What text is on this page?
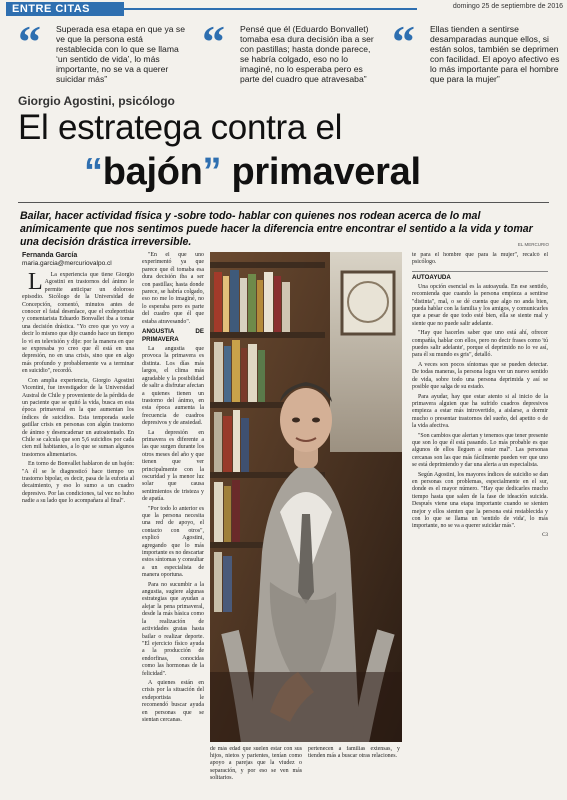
ENTRE CITAS	domingo 25 de septiembre de 2016
“ Superada esa etapa en que ya se ve que la persona está restablecida con lo que se llama ‘un sentido de vida’, lo más importante, no se va a querer suicidar más”
“ Pensé que él (Eduardo Bonvallet) tomaba esa dura decisión iba a ser con pastillas; hasta donde parece, se habría colgado, eso no lo imaginé, no lo esperaba pero es parte del cuadro que atravesaba”
“ Ellas tienden a sentirse desamparadas aunque ellos, si están solos, también se deprimen con facilidad. El apoyo afectivo es lo más importante para el hombre que para la mujer”
Giorgio Agostini, psicólogo
El estratega contra el
“bajón” primaveral
Bailar, hacer actividad física y -sobre todo- hablar con quienes nos rodean acerca de lo mal anímicamente que nos sentimos puede hacer la diferencia entre encontrar el sentido a la vida y tomar una decisión drástica irreversible.	EL MERCURIO
Fernanda García
maria.garcia@mercuriovalpo.cl

L	La experiencia que tiene Giorgio Agostini en trastornos del ánimo le permite anticipar un doloroso episodio. Sicólogo de la Universidad de Concepción, comentó, minutos antes de conocer el fatal desenlace, que el exdeportista y comentarista Eduardo Bonvallet iba a tomar una decisión drástica. "Yo creo que yo voy a decir lo mismo que dije cuando hace un tiempo lo vi en televisión y dije: por la manera en que se expresaba yo creo que él está en una depresión, no en una crisis, sino que en algo más profundo y probablemente va a terminar en suicidio", recordó.

Con amplia experiencia, Giorgio Agostini Vicentini, fue investigador de la Universidad Austral de Chile y proveniente de la pérdida de un paciente que se quitó la vida, busca en esta época primaveral en la que aumentan los índices de suicidios. Esta temporada suele gatillar crisis en personas con algún trastorno de ánimo y desencadenar un autoatentado. En Chile se calcula que son 5,6 suicidios por cada cien mil habitantes, a lo que se suman algunos trastornos alimentarios.

En torno de Bonvallet hablaron de un bajón: "A él se le diagnosticó hace tiempo un trastorno bipolar, es decir, pasa de la euforia al decaimiento, y eso lo sumo a un cuadro depresivo. Por las condiciones, tal vez no hubo nadie a su lado que lo acompañara al final".

"En el que uno experimentó ya que parece que él tomaba esa dura decisión iba a ser con pastillas; hasta donde parece, se habría colgado, eso no me lo imaginé, no lo esperaba pero es parte del cuadro que él que estaba atravesando".

ANGUSTIA DE PRIMAVERA

La angustia que provoca la primavera es distinta. Los días más largos, el clima más agradable y la posibilidad de salir a disfrutar afectan a quienes tienen un trastorno del ánimo, en esta época aumenta la frecuencia de cuadros depresivos y de ansiedad.

La depresión en primavera es diferente a las que surgen durante los otros meses del año y que tienen que ver principalmente con la oscuridad y la menor luz solar que causa sentimientos de tristeza y de apatía.

"Por todo lo anterior es que la persona necesita una red de apoyo, el contacto con otros", explicó Agostini, agregando que lo más importante es no descartar estos síntomas y consultar a un especialista de manera oportuna.

Para no sucumbir a la angustia, sugiere algunas estrategias que ayudan a alejar la pena primaveral, desde la más básica como la realización de actividades gratas hasta bailar o realizar deporte. "El ejercicio físico ayuda a la producción de endorfinas, conocidas como las hormonas de la felicidad".

A quienes están en crisis por la situación del exdeportista le recomendó buscar ayuda en personas que se sientan cercanas.

de más edad que suelen estar con sus hijos, nietos y parientes, tenían como apoyo a parejas que la viudez o separación, y por eso se ven más solitarios.
pertenecen a familias extensas, y tienden más a buscar otras relaciones.
te para el hombre que para la mujer", recalcó el psicólogo.
AUTOAYUDA

Una opción esencial es la autoayuda. En ese sentido, recomienda que cuando la persona empieza a sentirse "distinta", mal, o se dé cuenta que algo no anda bien, pueda hablar con la familia y los amigos, y comunicarles que a pesar de que todo esté bien, ella se siente mal y siente que no puede salir adelante.

"Hay que hacerles saber que uno está ahí, ofrecer compañía, hablar con ellos, pero no decir frases como 'tú puedes salir adelante', porque el deprimido no lo ve así, para él su mundo es gris", detalló.

A veces son pocos síntomas que se pueden detectar. De todas maneras, la persona logra ver un nuevo sentido de vida, sobre todo una persona deprimida y así se posible que salga de su estado.

Para ayudar, hay que estar atento si al inicio de la primavera alguien que ha sufrido cuadros depresivos empieza a estar más introvertido, a aislarse, a dormir mucho o presentar trastornos del sueño, del apetito o de la vida afectiva.

"Son cambios que alertan y tenemos que tener presente que son lo que él está pasando. Lo más probable es que algunos de ellos lleguen a estar mal". Las personas cercanas son las que más fácilmente pueden ver que uno se está deprimiendo y dar una alerta a un especialista.

Según Agostini, los mayores índices de suicidio se dan en personas con problemas, especialmente en el sur, donde es el mayor número. "Hay que dedicarles mucho tiempo hasta que salen de la fase de ideación suicida. Después viene una etapa importante cuando se sienten mejor y ellos sienten que la persona está restablecida y con lo que se llama un 'sentido de vida', lo más importante, no se va a querer suicidar más".

C3
